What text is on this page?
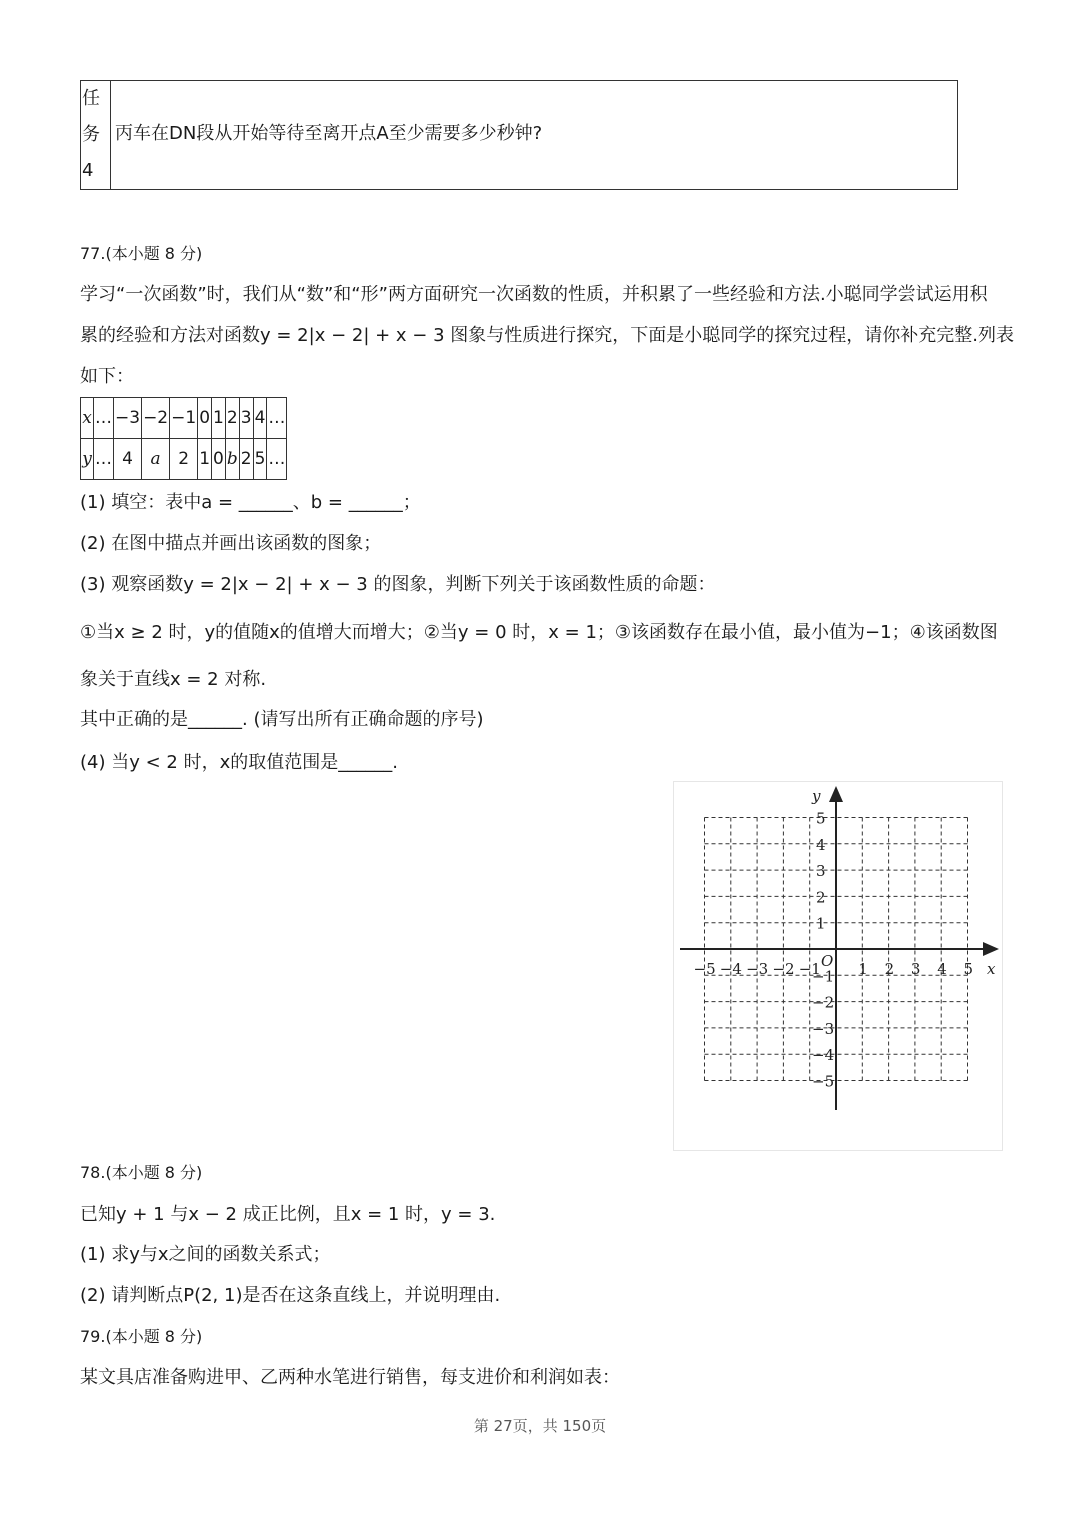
任
务
4
丙车在DN段从开始等待至离开点A至少需要多少秒钟?
77.(本小题 8 分)
学习“一次函数”时，我们从“数”和“形”两方面研究一次函数的性质，并积累了一些经验和方法.小聪同学尝试运用积
累的经验和方法对函数y = 2|x − 2| + x − 3 图象与性质进行探究，下面是小聪同学的探究过程，请你补充完整.列表
如下：
x	…	−3	−2	−1	0	1	2	3	4	…
y	…	4	a	2	1	0	b	2	5	…
(1) 填空：表中a = ______、b = ______；
(2) 在图中描点并画出该函数的图象；
(3) 观察函数y = 2|x − 2| + x − 3 的图象，判断下列关于该函数性质的命题：
①当x ≥ 2 时，y的值随x的值增大而增大；②当y = 0 时，x = 1；③该函数存在最小值，最小值为−1；④该函数图
象关于直线x = 2 对称.
其中正确的是______. (请写出所有正确命题的序号)
(4) 当y < 2 时，x的取值范围是______.
x
y
O
−5 −4 −3 −2 −1 1 2 3 4 5
5
4
3
2
1
−1
−2
−3
−4
−5
78.(本小题 8 分)
已知y + 1 与x − 2 成正比例，且x = 1 时，y = 3.
(1) 求y与x之间的函数关系式；
(2) 请判断点P(2, 1)是否在这条直线上，并说明理由.
79.(本小题 8 分)
某文具店准备购进甲、乙两种水笔进行销售，每支进价和利润如表：
第 27页，共 150页
